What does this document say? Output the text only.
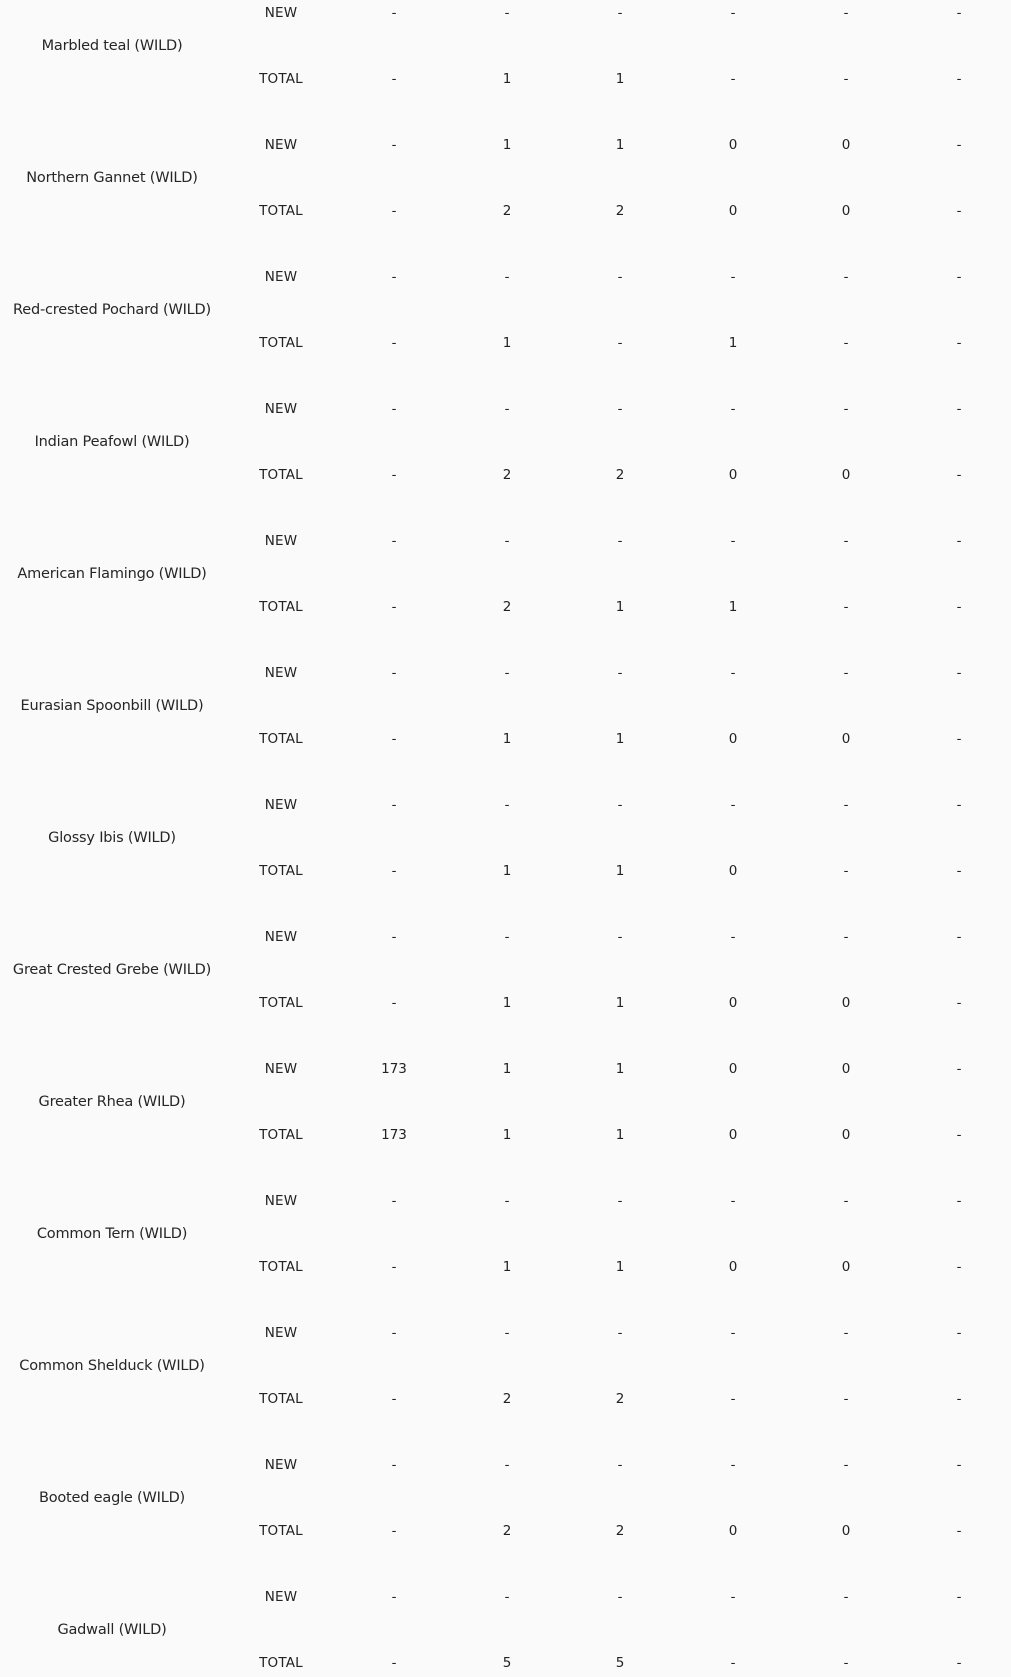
Marbled teal (WILD)
NEW	-	-	-	-	-	-
TOTAL	-	1	1	-	-	-
Northern Gannet (WILD)
NEW	-	1	1	0	0	-
TOTAL	-	2	2	0	0	-
Red-crested Pochard (WILD)
NEW	-	-	-	-	-	-
TOTAL	-	1	-	1	-	-
Indian Peafowl (WILD)
NEW	-	-	-	-	-	-
TOTAL	-	2	2	0	0	-
American Flamingo (WILD)
NEW	-	-	-	-	-	-
TOTAL	-	2	1	1	-	-
Eurasian Spoonbill (WILD)
NEW	-	-	-	-	-	-
TOTAL	-	1	1	0	0	-
Glossy Ibis (WILD)
NEW	-	-	-	-	-	-
TOTAL	-	1	1	0	-	-
Great Crested Grebe (WILD)
NEW	-	-	-	-	-	-
TOTAL	-	1	1	0	0	-
Greater Rhea (WILD)
NEW	173	1	1	0	0	-
TOTAL	173	1	1	0	0	-
Common Tern (WILD)
NEW	-	-	-	-	-	-
TOTAL	-	1	1	0	0	-
Common Shelduck (WILD)
NEW	-	-	-	-	-	-
TOTAL	-	2	2	-	-	-
Booted eagle (WILD)
NEW	-	-	-	-	-	-
TOTAL	-	2	2	0	0	-
Gadwall (WILD)
NEW	-	-	-	-	-	-
TOTAL	-	5	5	-	-	-
